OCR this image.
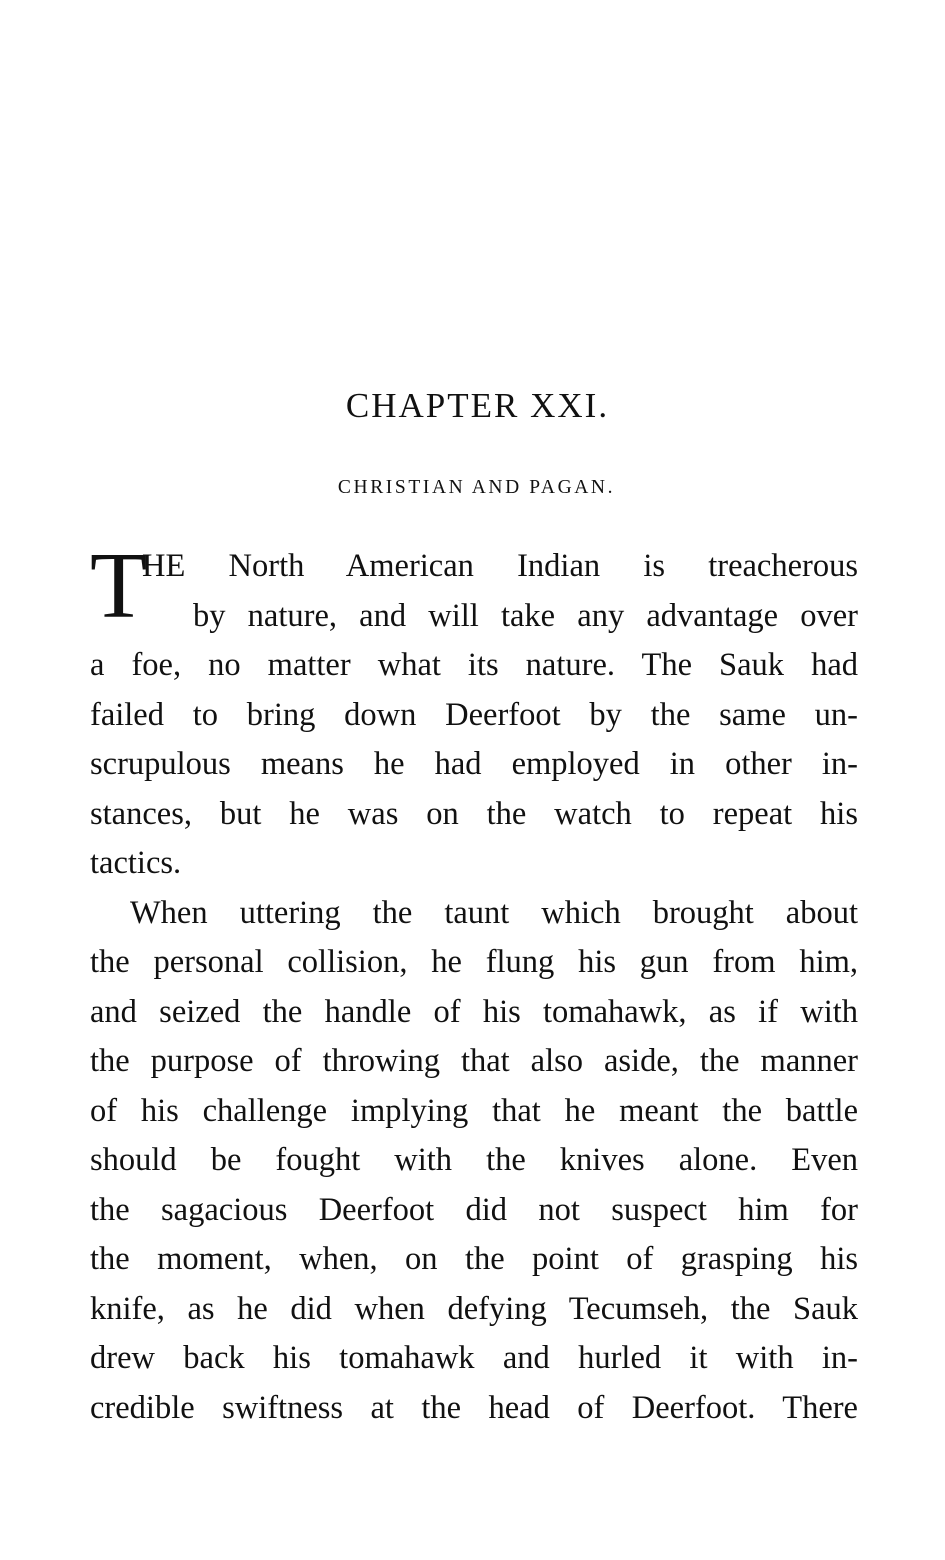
CHAPTER XXI.
CHRISTIAN AND PAGAN.
T
HE North American Indian is treacherous
by nature, and will take any advantage over
a foe, no matter what its nature. The Sauk had
failed to bring down Deerfoot by the same un-
scrupulous means he had employed in other in-
stances, but he was on the watch to repeat his
tactics.
When uttering the taunt which brought about
the personal collision, he flung his gun from him,
and seized the handle of his tomahawk, as if with
the purpose of throwing that also aside, the manner
of his challenge implying that he meant the battle
should be fought with the knives alone. Even
the sagacious Deerfoot did not suspect him for
the moment, when, on the point of grasping his
knife, as he did when defying Tecumseh, the Sauk
drew back his tomahawk and hurled it with in-
credible swiftness at the head of Deerfoot. There
